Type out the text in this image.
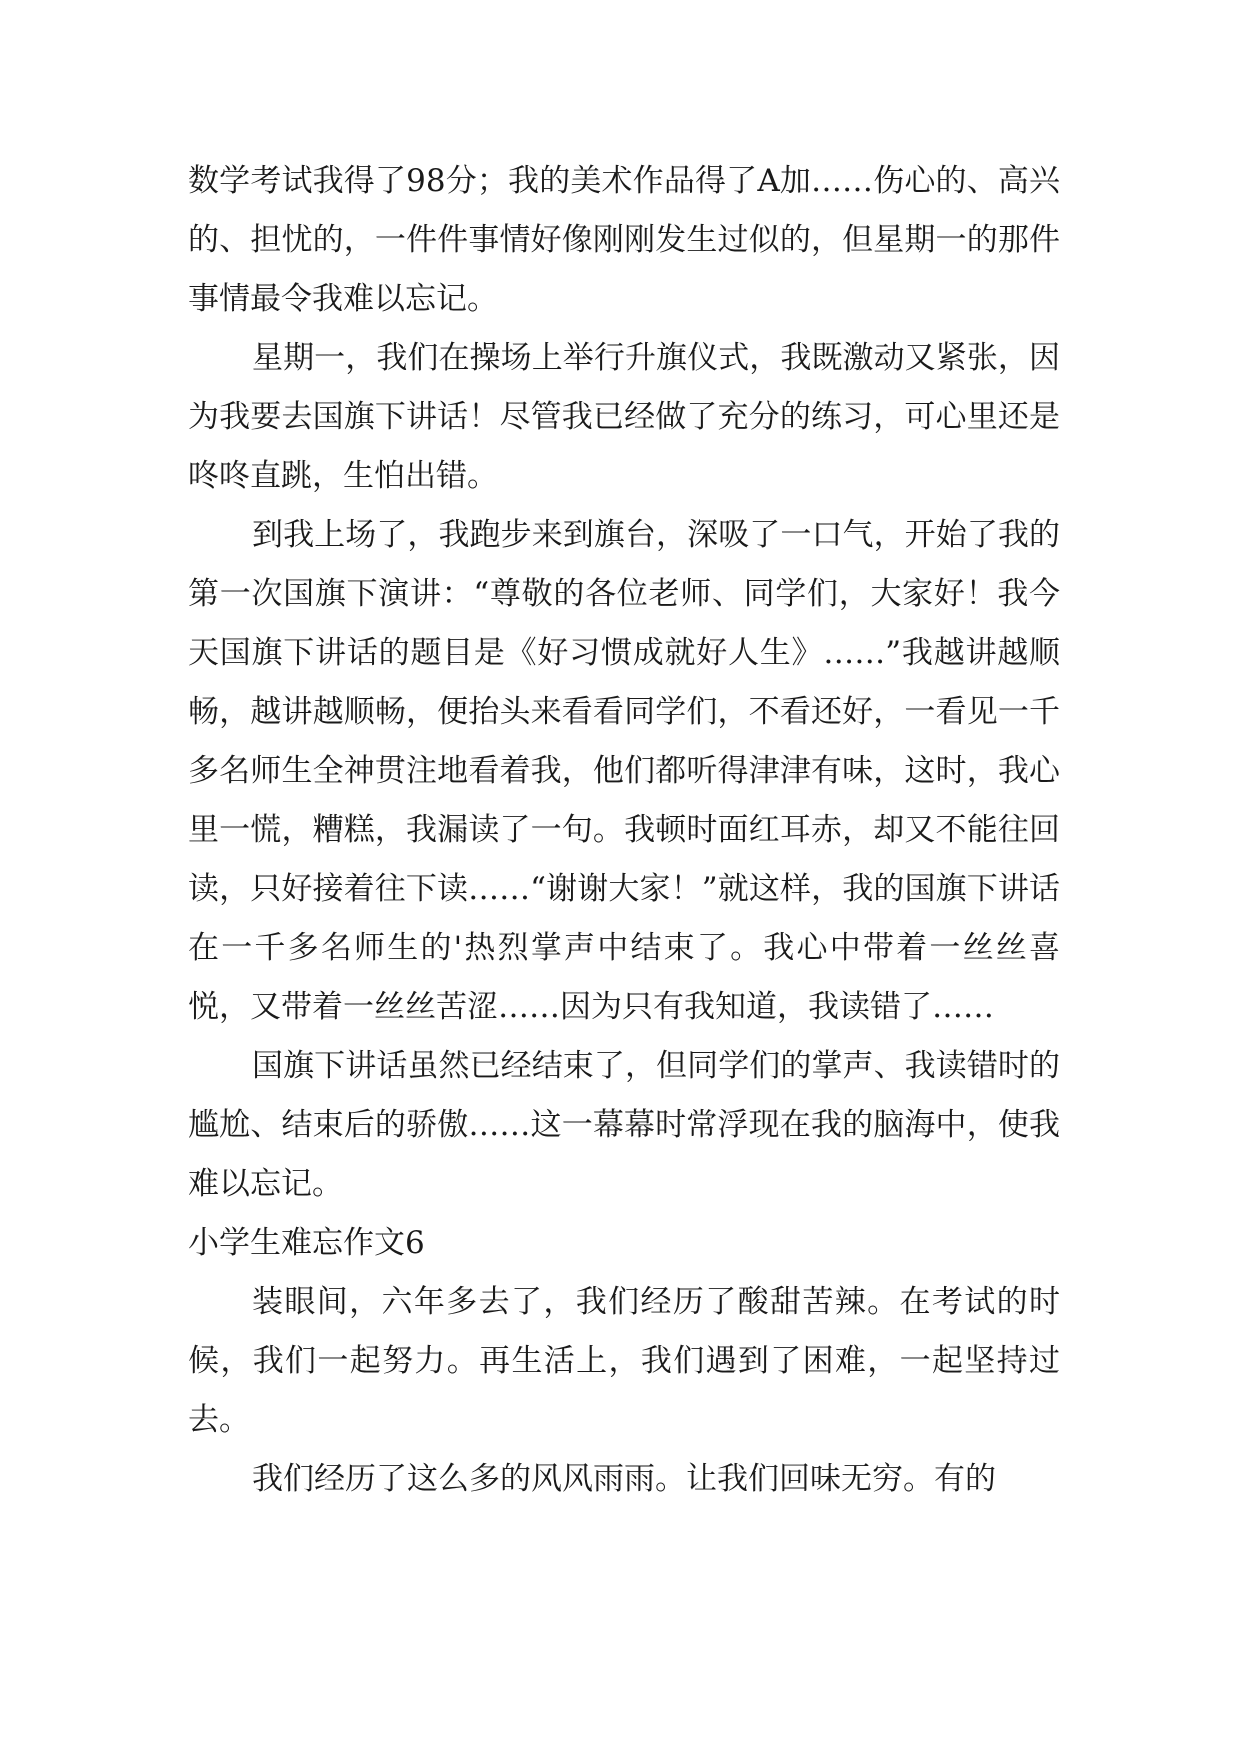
数学考试我得了98分；我的美术作品得了A加……伤心的、高兴的、担忧的，一件件事情好像刚刚发生过似的，但星期一的那件事情最令我难以忘记。

星期一，我们在操场上举行升旗仪式，我既激动又紧张，因为我要去国旗下讲话！尽管我已经做了充分的练习，可心里还是咚咚直跳，生怕出错。

到我上场了，我跑步来到旗台，深吸了一口气，开始了我的第一次国旗下演讲：“尊敬的各位老师、同学们，大家好！我今天国旗下讲话的题目是《好习惯成就好人生》……”我越讲越顺畅，越讲越顺畅，便抬头来看看同学们，不看还好，一看见一千多名师生全神贯注地看着我，他们都听得津津有味，这时，我心里一慌，糟糕，我漏读了一句。我顿时面红耳赤，却又不能往回读，只好接着往下读……“谢谢大家！”就这样，我的国旗下讲话在一千多名师生的'热烈掌声中结束了。我心中带着一丝丝喜悦，又带着一丝丝苦涩……因为只有我知道，我读错了……

国旗下讲话虽然已经结束了，但同学们的掌声、我读错时的尴尬、结束后的骄傲……这一幕幕时常浮现在我的脑海中，使我难以忘记。

小学生难忘作文6

装眼间，六年多去了，我们经历了酸甜苦辣。在考试的时候，我们一起努力。再生活上，我们遇到了困难，一起坚持过去。

我们经历了这么多的风风雨雨。让我们回味无穷。有的
